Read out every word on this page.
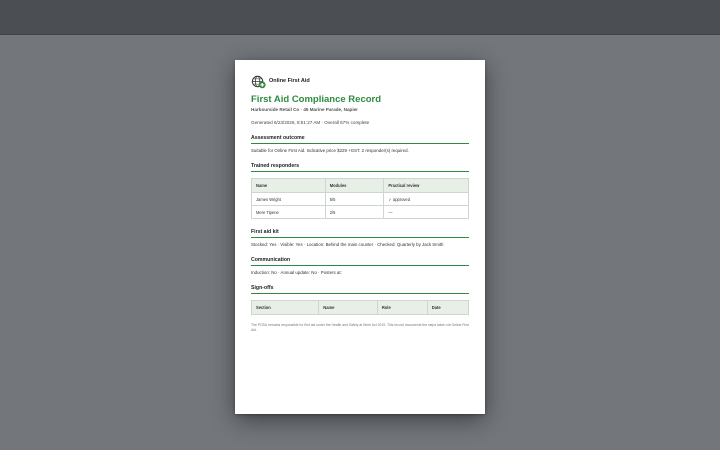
Online First Aid
First Aid Compliance Record
Harbourside Retail Co · 45 Marine Parade, Napier
Generated 6/23/2026, 8:51:27 AM · Overall 67% complete
Assessment outcome
Suitable for Online First Aid. Indicative price $229 +GST. 2 responder(s) required.
Trained responders
Name	Modules	Practical review
James Wright	5/5	✓ approved
Mere Tipene	2/5	—
First aid kit
Stocked: Yes · Visible: Yes · Location: Behind the main counter · Checked: Quarterly by Jack Smith
Communication
Induction: No · Annual update: No · Posters at:
Sign-offs
Section	Name	Role	Date
The PCBU remains responsible for first aid under the Health and Safety at Work Act 2015. This record documents the steps taken via Online First Aid.
